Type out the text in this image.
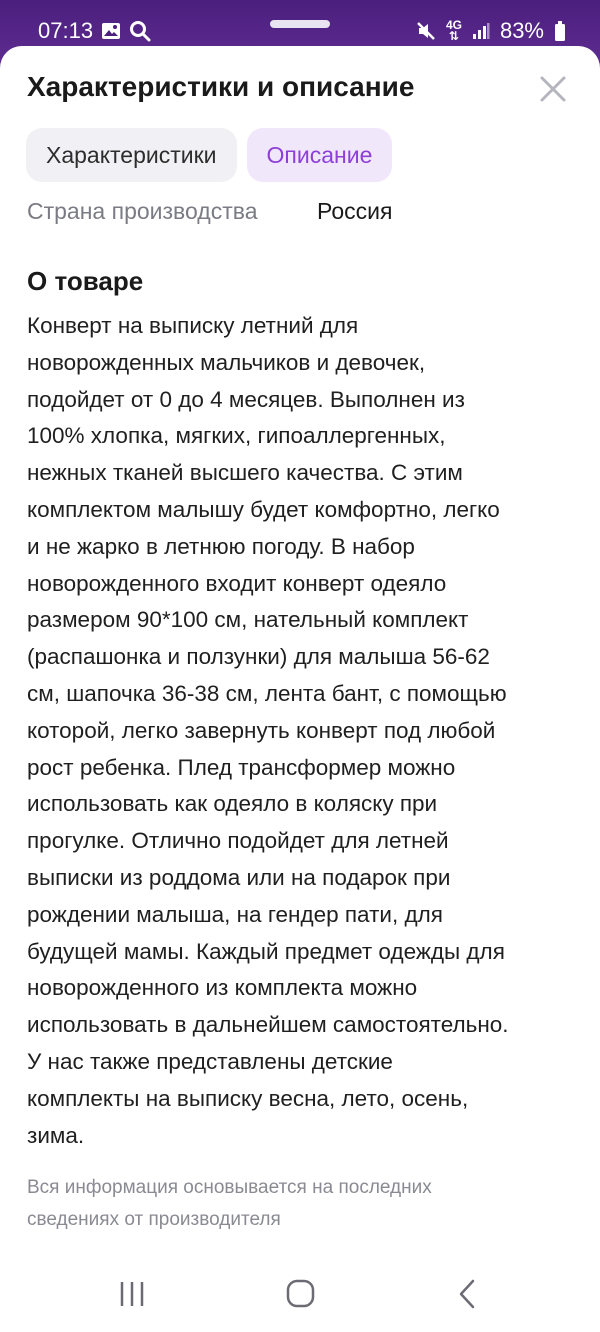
07:13	4G
⇅ 83%
Характеристики и описание
Характеристики	Описание
Страна производства	Россия
О товаре
Конверт на выписку летний для
новорожденных мальчиков и девочек,
подойдет от 0 до 4 месяцев. Выполнен из
100% хлопка, мягких, гипоаллергенных,
нежных тканей высшего качества. С этим
комплектом малышу будет комфортно, легко
и не жарко в летнюю погоду. В набор
новорожденного входит конверт одеяло
размером 90*100 см, нательный комплект
(распашонка и ползунки) для малыша 56-62
см, шапочка 36-38 см, лента бант, с помощью
которой, легко завернуть конверт под любой
рост ребенка. Плед трансформер можно
использовать как одеяло в коляску при
прогулке. Отлично подойдет для летней
выписки из роддома или на подарок при
рождении малыша, на гендер пати, для
будущей мамы. Каждый предмет одежды для
новорожденного из комплекта можно
использовать в дальнейшем самостоятельно.
У нас также представлены детские
комплекты на выписку весна, лето, осень,
зима.
Вся информация основывается на последних
сведениях от производителя
